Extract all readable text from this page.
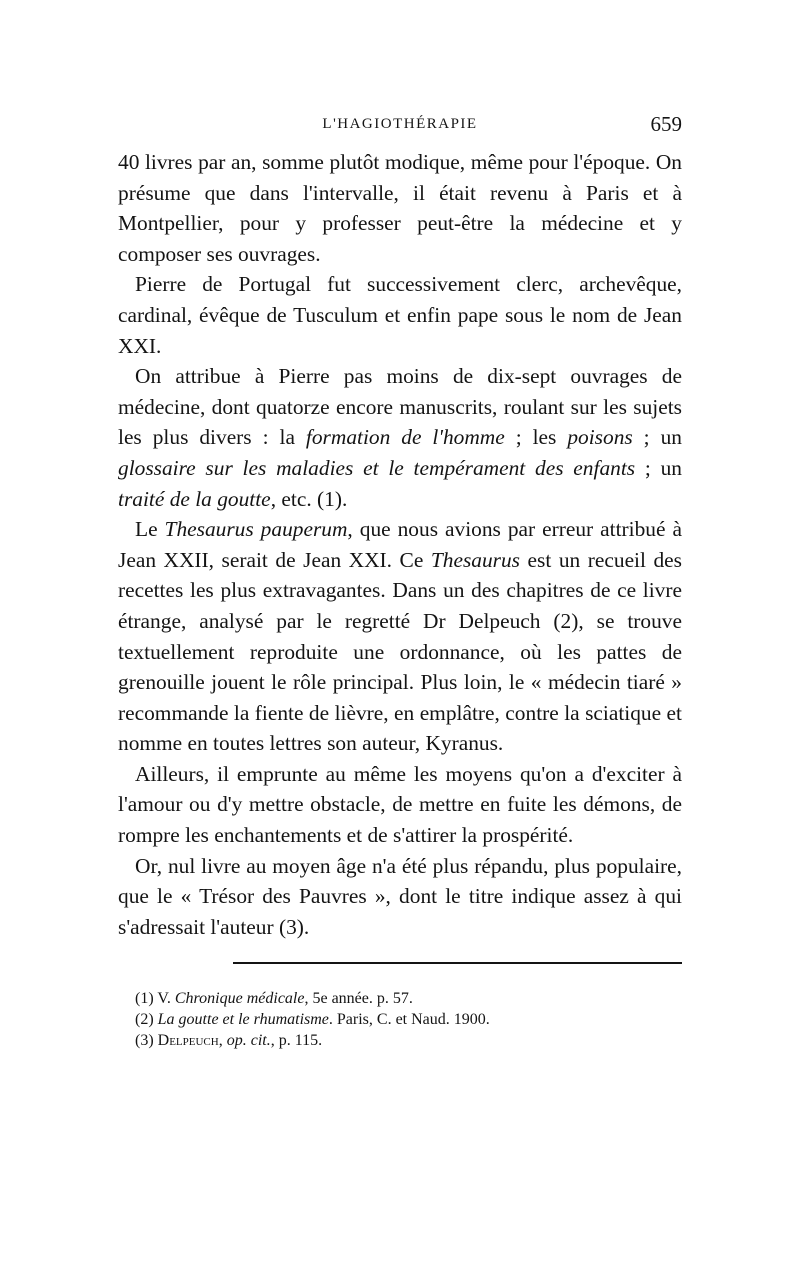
L'HAGIOTHÉRAPIE	659

40 livres par an, somme plutôt modique, même pour l'époque. On présume que dans l'intervalle, il était revenu à Paris et à Montpellier, pour y professer peut-être la médecine et y composer ses ouvrages.

Pierre de Portugal fut successivement clerc, archevêque, cardinal, évêque de Tusculum et enfin pape sous le nom de Jean XXI.

On attribue à Pierre pas moins de dix-sept ouvrages de médecine, dont quatorze encore manuscrits, roulant sur les sujets les plus divers : la formation de l'homme ; les poisons ; un glossaire sur les maladies et le tempérament des enfants ; un traité de la goutte, etc. (1).

Le Thesaurus pauperum, que nous avions par erreur attribué à Jean XXII, serait de Jean XXI. Ce Thesaurus est un recueil des recettes les plus extravagantes. Dans un des chapitres de ce livre étrange, analysé par le regretté Dr Delpeuch (2), se trouve textuellement reproduite une ordonnance, où les pattes de grenouille jouent le rôle principal. Plus loin, le « médecin tiaré » recommande la fiente de lièvre, en emplâtre, contre la sciatique et nomme en toutes lettres son auteur, Kyranus.

Ailleurs, il emprunte au même les moyens qu'on a d'exciter à l'amour ou d'y mettre obstacle, de mettre en fuite les démons, de rompre les enchantements et de s'attirer la prospérité.

Or, nul livre au moyen âge n'a été plus répandu, plus populaire, que le « Trésor des Pauvres », dont le titre indique assez à qui s'adressait l'auteur (3).

(1) V. Chronique médicale, 5e année. p. 57.

(2) La goutte et le rhumatisme. Paris, C. et Naud. 1900.

(3) Delpeuch, op. cit., p. 115.
